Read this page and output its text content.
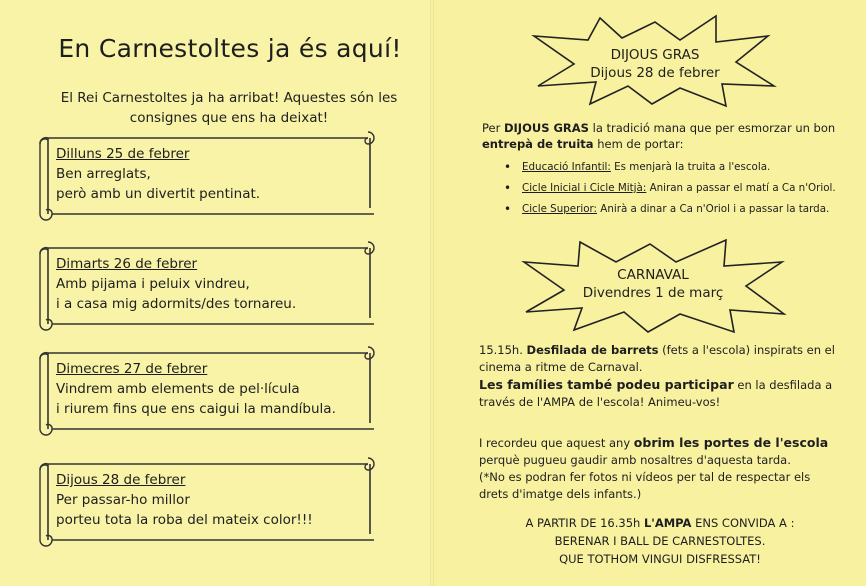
En Carnestoltes ja és aquí!
El Rei Carnestoltes ja ha arribat! Aquestes són les
consignes que ens ha deixat!
Dilluns 25 de febrer
Ben arreglats,
però amb un divertit pentinat.
Dimarts 26 de febrer
Amb pijama i peluix vindreu,
i a casa mig adormits/des tornareu.
Dimecres 27 de febrer
Vindrem amb elements de pel·lícula
i riurem fins que ens caigui la mandíbula.
Dijous 28 de febrer
Per passar-ho millor
porteu tota la roba del mateix color!!!
DIJOUS GRAS
Dijous 28 de febrer
Per DIJOUS GRAS la tradició mana que per esmorzar un bon
entrepà de truita hem de portar:
• Educació Infantil: Es menjarà la truita a l'escola.
• Cicle Inicial i Cicle Mitjà: Aniran a passar el matí a Ca n'Oriol.
• Cicle Superior: Anirà a dinar a Ca n'Oriol i a passar la tarda.
CARNAVAL
Divendres 1 de març
15.15h. Desfilada de barrets (fets a l'escola) inspirats en el
cinema a ritme de Carnaval.
Les famílies també podeu participar en la desfilada a
través de l'AMPA de l'escola! Animeu-vos!
I recordeu que aquest any obrim les portes de l'escola
perquè pugueu gaudir amb nosaltres d'aquesta tarda.
(*No es podran fer fotos ni vídeos per tal de respectar els
drets d'imatge dels infants.)
A PARTIR DE 16.35h L'AMPA ENS CONVIDA A :
BERENAR I BALL DE CARNESTOLTES.
QUE TOTHOM VINGUI DISFRESSAT!
